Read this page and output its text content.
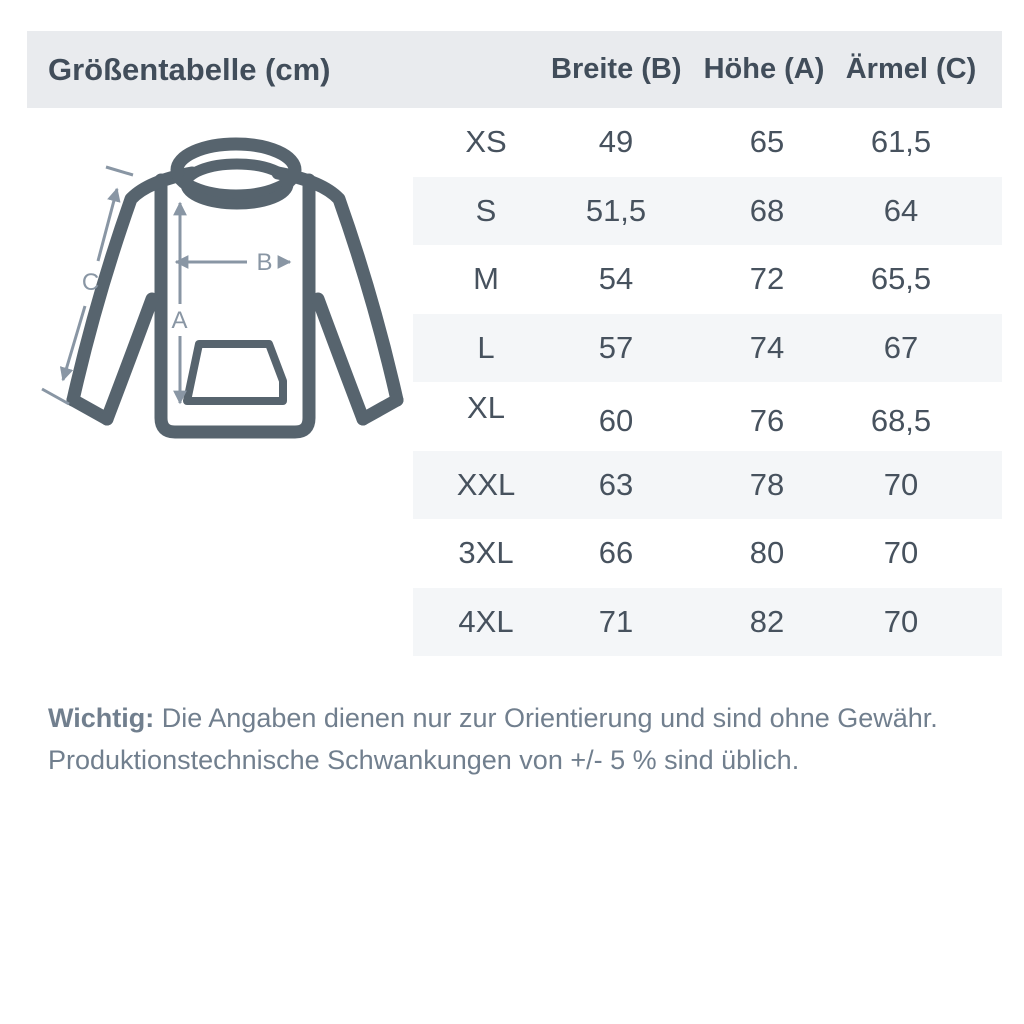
Größentabelle (cm)	Breite (B) Höhe (A) Ärmel (C)
A
B
C
XS	49	65	61,5
S	51,5	68	64
M	54	72	65,5
L	57	74	67
XL	60	76	68,5
XXL	63	78	70
3XL	66	80	70
4XL	71	82	70

Wichtig: Die Angaben dienen nur zur Orientierung und sind ohne Gewähr.
Produktionstechnische Schwankungen von +/- 5 % sind üblich.
